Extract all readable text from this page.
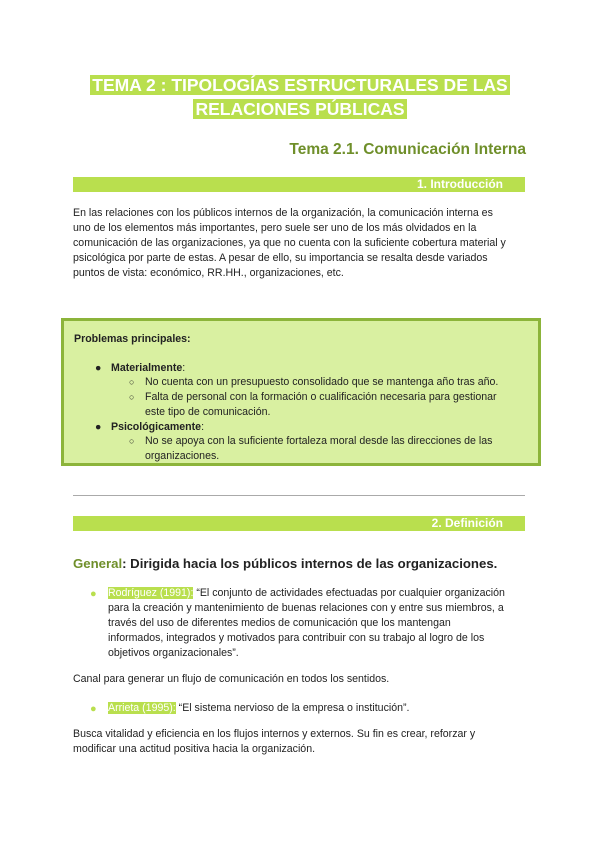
TEMA 2 : TIPOLOGÍAS ESTRUCTURALES DE LAS
RELACIONES PÚBLICAS
Tema 2.1. Comunicación Interna
1. Introducción
En las relaciones con los públicos internos de la organización, la comunicación interna es
uno de los elementos más importantes, pero suele ser uno de los más olvidados en la
comunicación de las organizaciones, ya que no cuenta con la suficiente cobertura material y
psicológica por parte de estas. A pesar de ello, su importancia se resalta desde variados
puntos de vista: económico, RR.HH., organizaciones, etc.
Problemas principales:
● Materialmente:
○ No cuenta con un presupuesto consolidado que se mantenga año tras año.
○ Falta de personal con la formación o cualificación necesaria para gestionar
este tipo de comunicación.
● Psicológicamente:
○ No se apoya con la suficiente fortaleza moral desde las direcciones de las
organizaciones.
2. Definición
General: Dirigida hacia los públicos internos de las organizaciones.
● Rodríguez (1991): “El conjunto de actividades efectuadas por cualquier organización
para la creación y mantenimiento de buenas relaciones con y entre sus miembros, a
través del uso de diferentes medios de comunicación que los mantengan
informados, integrados y motivados para contribuir con su trabajo al logro de los
objetivos organizacionales”.
Canal para generar un flujo de comunicación en todos los sentidos.
● Arrieta (1995): “El sistema nervioso de la empresa o institución”.
Busca vitalidad y eficiencia en los flujos internos y externos. Su fin es crear, reforzar y
modificar una actitud positiva hacia la organización.
